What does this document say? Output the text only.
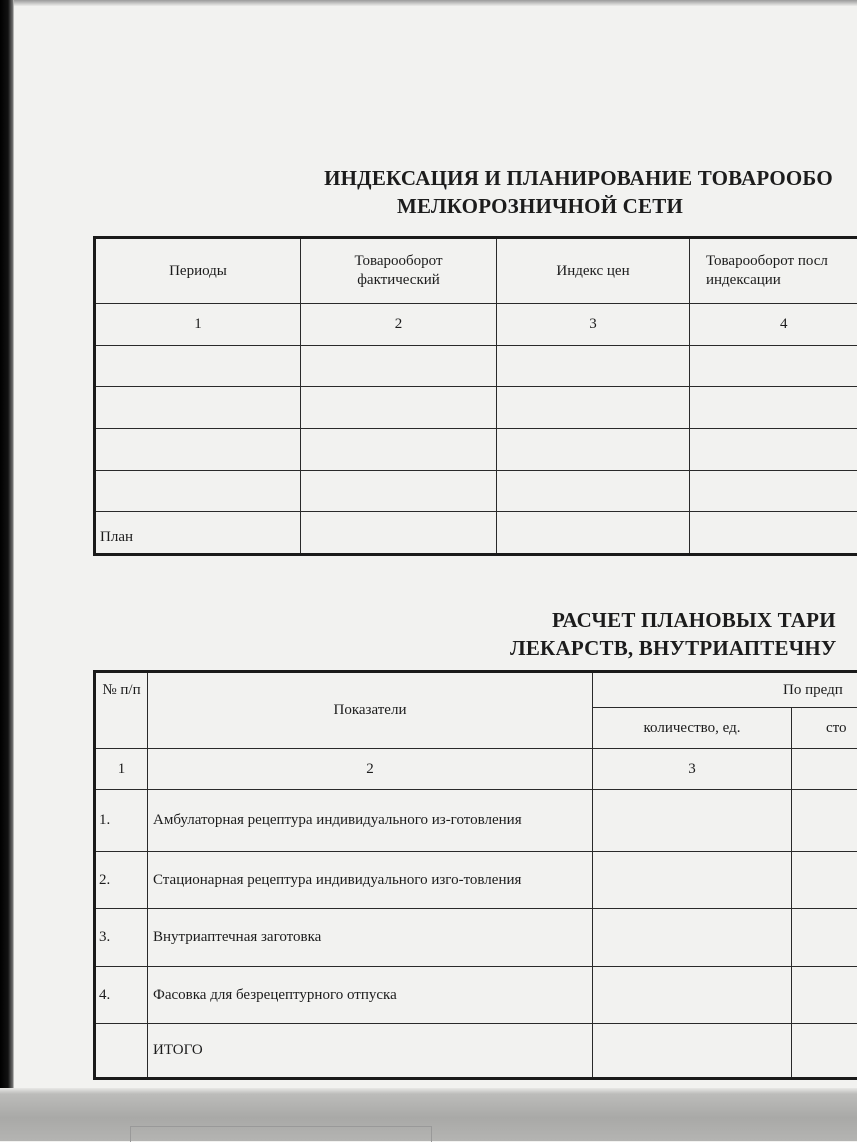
ИНДЕКСАЦИЯ И ПЛАНИРОВАНИЕ ТОВАРООБО
МЕЛКОРОЗНИЧНОЙ СЕТИ
Периоды	Товарооборот фактический	Индекс цен	Товарооборот посл индексации
1	2	3	4

План			
РАСЧЕТ ПЛАНОВЫХ ТАРИ
ЛЕКАРСТВ, ВНУТРИАПТЕЧНУ
№ п/п	Показатели	По предп	
		количество, ед.	сто
1	2	3	
1.	Амбулаторная рецептура индивидуального из-готовления		
2.	Стационарная рецептура индивидуального изго-товления		
3.	Внутриаптечная заготовка		
4.	Фасовка для безрецептурного отпуска		
	ИТОГО		
